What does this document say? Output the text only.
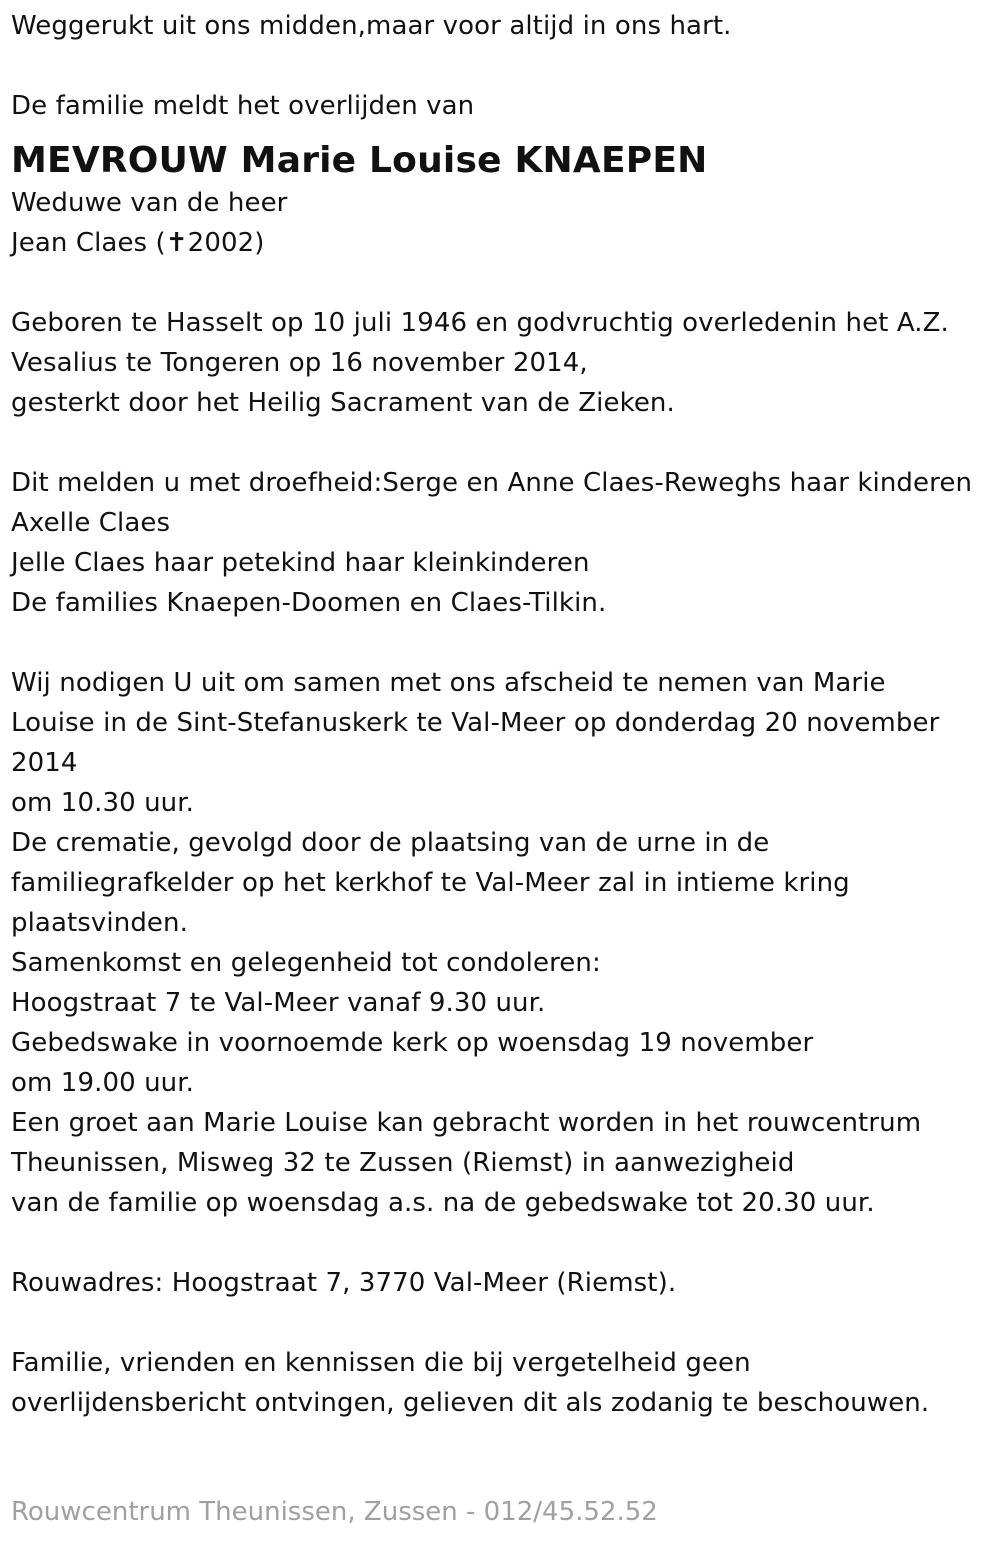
Weggerukt uit ons midden,maar voor altijd in ons hart.
De familie meldt het overlijden van
MEVROUW Marie Louise KNAEPEN
Weduwe van de heer
Jean Claes (✝2002)
Geboren te Hasselt op 10 juli 1946 en godvruchtig overledenin het A.Z.
Vesalius te Tongeren op 16 november 2014,
gesterkt door het Heilig Sacrament van de Zieken.
Dit melden u met droefheid:Serge en Anne Claes-Reweghs haar kinderen
Axelle Claes
Jelle Claes haar petekind haar kleinkinderen
De families Knaepen-Doomen en Claes-Tilkin.
Wij nodigen U uit om samen met ons afscheid te nemen van Marie
Louise in de Sint-Stefanuskerk te Val-Meer op donderdag 20 november
2014
om 10.30 uur.
De crematie, gevolgd door de plaatsing van de urne in de
familiegrafkelder op het kerkhof te Val-Meer zal in intieme kring
plaatsvinden.
Samenkomst en gelegenheid tot condoleren:
Hoogstraat 7 te Val-Meer vanaf 9.30 uur.
Gebedswake in voornoemde kerk op woensdag 19 november
om 19.00 uur.
Een groet aan Marie Louise kan gebracht worden in het rouwcentrum
Theunissen, Misweg 32 te Zussen (Riemst) in aanwezigheid
van de familie op woensdag a.s. na de gebedswake tot 20.30 uur.
Rouwadres: Hoogstraat 7, 3770 Val-Meer (Riemst).
Familie, vrienden en kennissen die bij vergetelheid geen
overlijdensbericht ontvingen, gelieven dit als zodanig te beschouwen.
Rouwcentrum Theunissen, Zussen - 012/45.52.52
